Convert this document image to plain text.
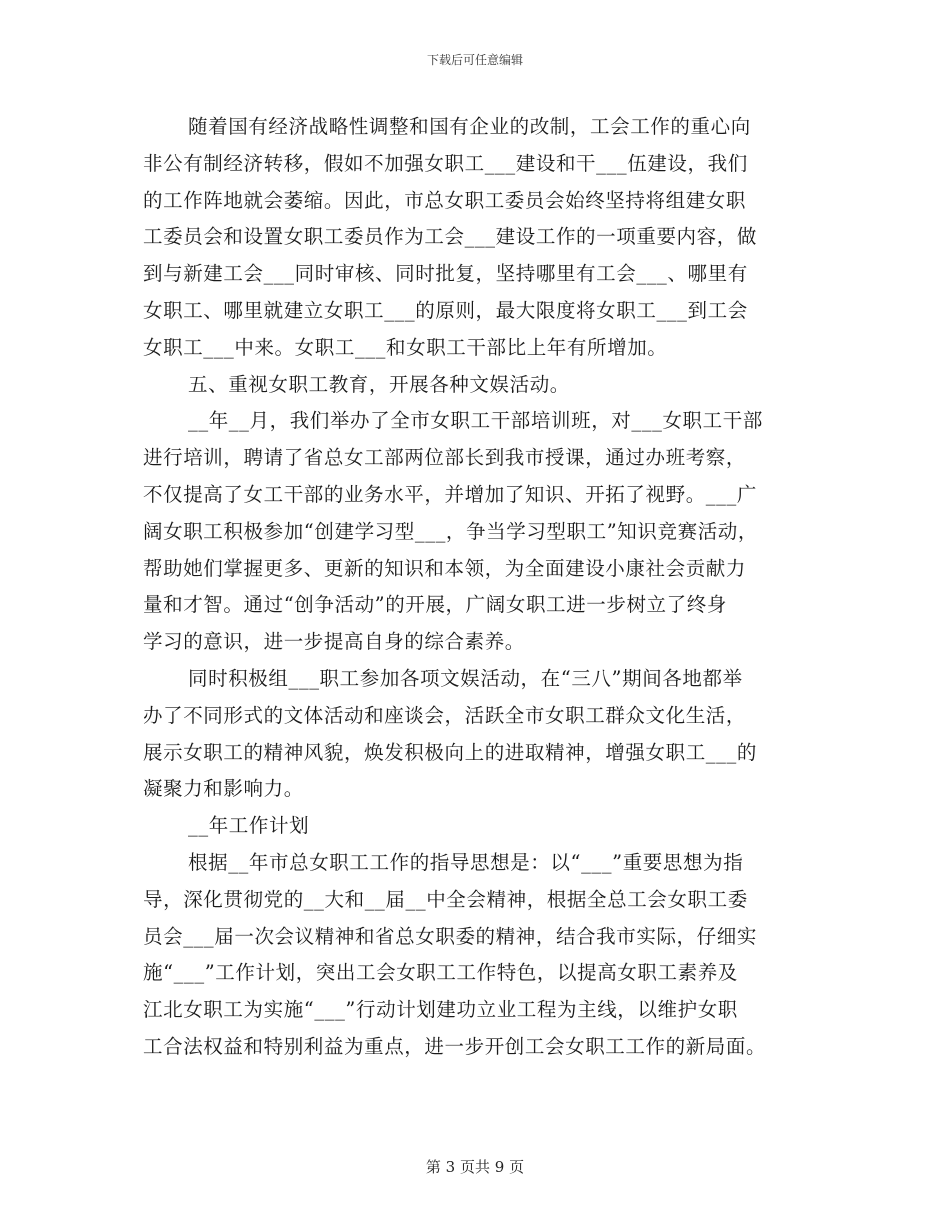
下载后可任意编辑
随着国有经济战略性调整和国有企业的改制，工会工作的重心向
非公有制经济转移，假如不加强女职工___建设和干___伍建设，我们
的工作阵地就会萎缩。因此，市总女职工委员会始终坚持将组建女职
工委员会和设置女职工委员作为工会___建设工作的一项重要内容，做
到与新建工会___同时审核、同时批复，坚持哪里有工会___、哪里有
女职工、哪里就建立女职工___的原则，最大限度将女职工___到工会
女职工___中来。女职工___和女职工干部比上年有所增加。
五、重视女职工教育，开展各种文娱活动。
__年__月，我们举办了全市女职工干部培训班，对___女职工干部
进行培训，聘请了省总女工部两位部长到我市授课，通过办班考察，
不仅提高了女工干部的业务水平，并增加了知识、开拓了视野。___广
阔女职工积极参加“创建学习型___，争当学习型职工”知识竞赛活动，
帮助她们掌握更多、更新的知识和本领，为全面建设小康社会贡献力
量和才智。通过“创争活动”的开展，广阔女职工进一步树立了终身
学习的意识，进一步提高自身的综合素养。
同时积极组___职工参加各项文娱活动，在“三八”期间各地都举
办了不同形式的文体活动和座谈会，活跃全市女职工群众文化生活，
展示女职工的精神风貌，焕发积极向上的进取精神，增强女职工___的
凝聚力和影响力。
__年工作计划
根据__年市总女职工工作的指导思想是：以“___”重要思想为指
导，深化贯彻党的__大和__届__中全会精神，根据全总工会女职工委
员会___届一次会议精神和省总女职委的精神，结合我市实际，仔细实
施“___”工作计划，突出工会女职工工作特色，以提高女职工素养及
江北女职工为实施“___”行动计划建功立业工程为主线，以维护女职
工合法权益和特别利益为重点，进一步开创工会女职工工作的新局面。
第 3 页共 9 页
